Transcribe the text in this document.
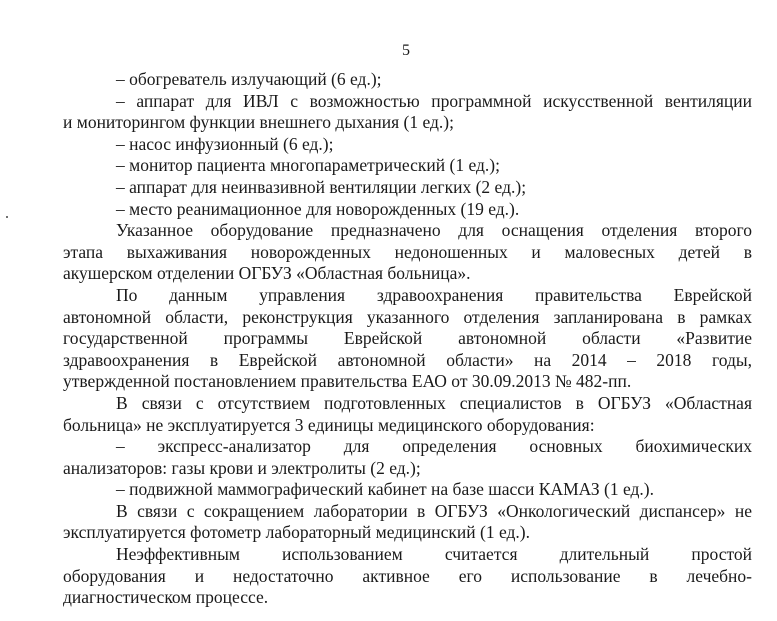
5
– обогреватель излучающий (6 ед.);
– аппарат для ИВЛ с возможностью программной искусственной вентиляции
и мониторингом функции внешнего дыхания (1 ед.);
– насос инфузионный (6 ед.);
– монитор пациента многопараметрический (1 ед.);
– аппарат для неинвазивной вентиляции легких (2 ед.);
– место реанимационное для новорожденных (19 ед.).
Указанное оборудование предназначено для оснащения отделения второго
этапа выхаживания новорожденных недоношенных и маловесных детей в
акушерском отделении ОГБУЗ «Областная больница».
По данным управления здравоохранения правительства Еврейской
автономной области, реконструкция указанного отделения запланирована в рамках
государственной программы Еврейской автономной области «Развитие
здравоохранения в Еврейской автономной области» на 2014 – 2018 годы,
утвержденной постановлением правительства ЕАО от 30.09.2013 № 482-пп.
В связи с отсутствием подготовленных специалистов в ОГБУЗ «Областная
больница» не эксплуатируется 3 единицы медицинского оборудования:
– экспресс-анализатор для определения основных биохимических
анализаторов: газы крови и электролиты (2 ед.);
– подвижной маммографический кабинет на базе шасси КАМАЗ (1 ед.).
В связи с сокращением лаборатории в ОГБУЗ «Онкологический диспансер» не
эксплуатируется фотометр лабораторный медицинский (1 ед.).
Неэффективным использованием считается длительный простой
оборудования и недостаточно активное его использование в лечебно-
диагностическом процессе.
